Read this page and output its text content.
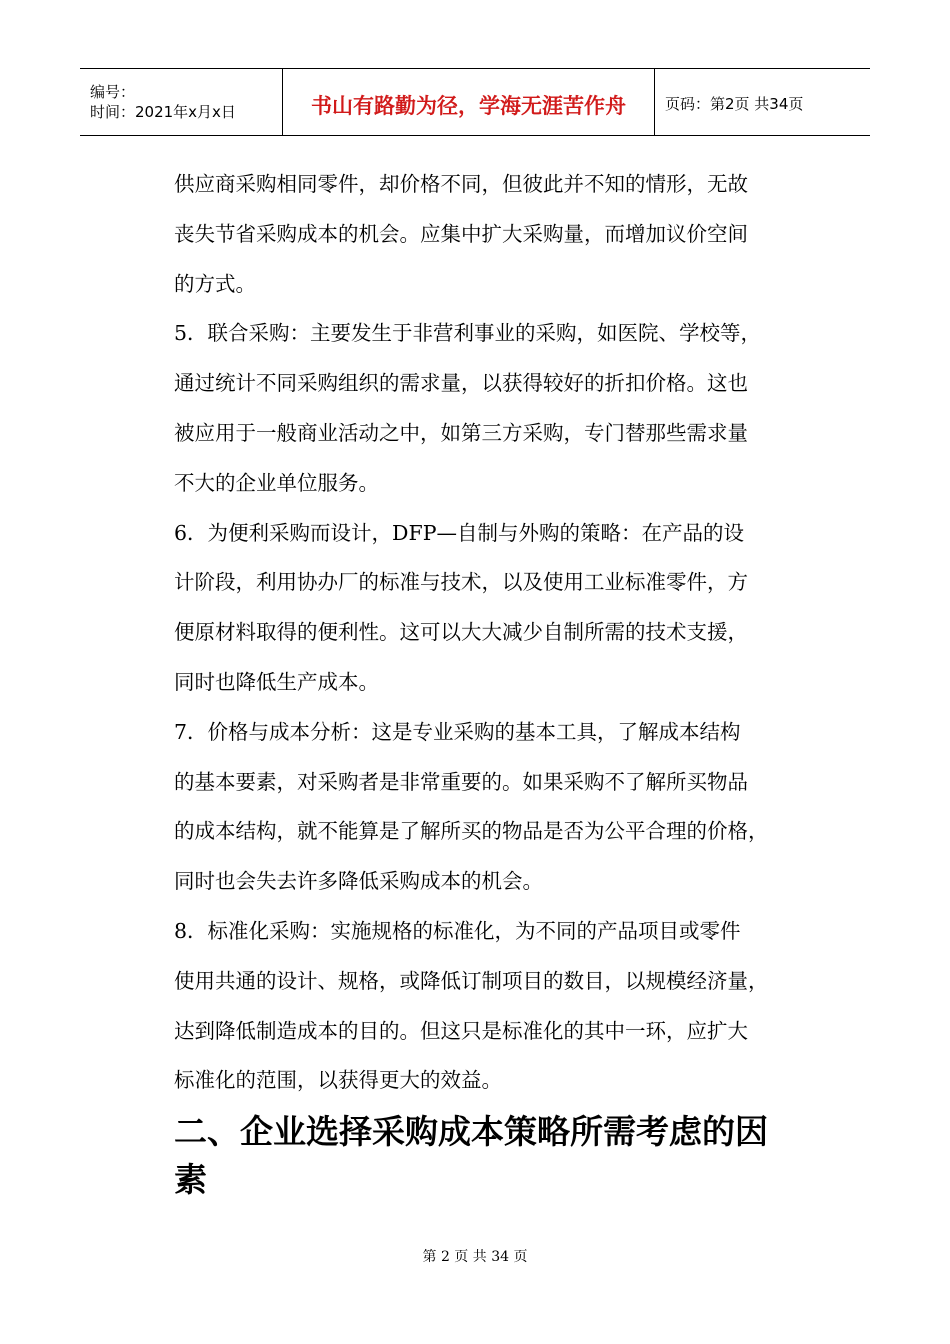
编号：
时间：2021年x月x日	书山有路勤为径，学海无涯苦作舟	页码：第2页 共34页

供应商采购相同零件，却价格不同，但彼此并不知的情形，无故

丧失节省采购成本的机会。应集中扩大采购量，而增加议价空间

的方式。

5．联合采购：主要发生于非营利事业的采购，如医院、学校等，

通过统计不同采购组织的需求量，以获得较好的折扣价格。这也

被应用于一般商业活动之中，如第三方采购，专门替那些需求量

不大的企业单位服务。

6．为便利采购而设计，DFP—自制与外购的策略：在产品的设

计阶段，利用协办厂的标准与技术，以及使用工业标准零件，方

便原材料取得的便利性。这可以大大减少自制所需的技术支援，

同时也降低生产成本。

7．价格与成本分析：这是专业采购的基本工具，了解成本结构

的基本要素，对采购者是非常重要的。如果采购不了解所买物品

的成本结构，就不能算是了解所买的物品是否为公平合理的价格，

同时也会失去许多降低采购成本的机会。

8．标准化采购：实施规格的标准化，为不同的产品项目或零件

使用共通的设计、规格，或降低订制项目的数目，以规模经济量，

达到降低制造成本的目的。但这只是标准化的其中一环，应扩大

标准化的范围，以获得更大的效益。

二、企业选择采购成本策略所需考虑的因
素
第 2 页 共 34 页
